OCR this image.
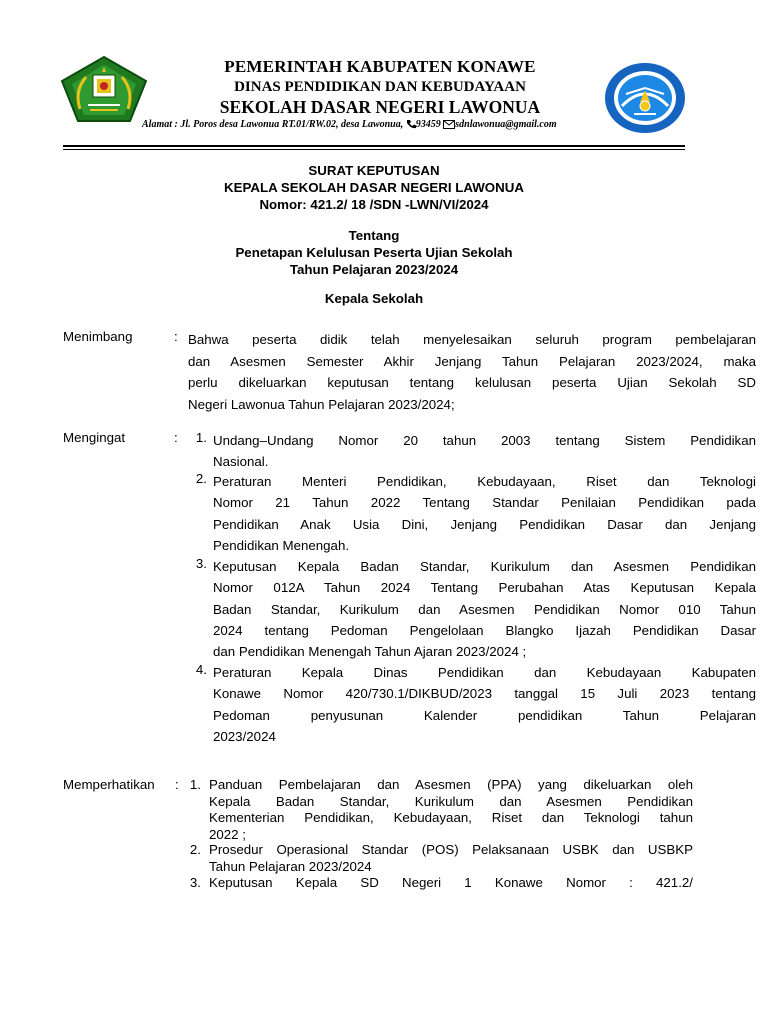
PEMERINTAH KABUPATEN KONAWE
DINAS PENDIDIKAN DAN KEBUDAYAAN
SEKOLAH DASAR NEGERI LAWONUA
Alamat : Jl. Poros desa Lawonua RT.01/RW.02, desa Lawonua, 93459 sdnlawonua@gmail.com
SURAT KEPUTUSAN
KEPALA SEKOLAH DASAR NEGERI LAWONUA
Nomor: 421.2/ 18 /SDN -LWN/VI/2024
Tentang
Penetapan Kelulusan Peserta Ujian Sekolah
Tahun Pelajaran 2023/2024
Kepala Sekolah
Menimbang	: Bahwa peserta didik telah menyelesaikan seluruh program pembelajaran
dan Asesmen Semester Akhir Jenjang Tahun Pelajaran 2023/2024, maka
perlu dikeluarkan keputusan tentang kelulusan peserta Ujian Sekolah SD
Negeri Lawonua Tahun Pelajaran 2023/2024;
Mengingat	:	1. Undang–Undang Nomor 20 tahun 2003 tentang Sistem Pendidikan
Nasional.
2. Peraturan Menteri Pendidikan, Kebudayaan, Riset dan Teknologi
Nomor 21 Tahun 2022 Tentang Standar Penilaian Pendidikan pada
Pendidikan Anak Usia Dini, Jenjang Pendidikan Dasar dan Jenjang
Pendidikan Menengah.
3. Keputusan Kepala Badan Standar, Kurikulum dan Asesmen Pendidikan
Nomor 012A Tahun 2024 Tentang Perubahan Atas Keputusan Kepala
Badan Standar, Kurikulum dan Asesmen Pendidikan Nomor 010 Tahun
2024 tentang Pedoman Pengelolaan Blangko Ijazah Pendidikan Dasar
dan Pendidikan Menengah Tahun Ajaran 2023/2024 ;
4. Peraturan Kepala Dinas Pendidikan dan Kebudayaan Kabupaten
Konawe Nomor 420/730.1/DIKBUD/2023 tanggal 15 Juli 2023 tentang
Pedoman penyusunan Kalender pendidikan Tahun Pelajaran
2023/2024
Memperhatikan : 1. Panduan Pembelajaran dan Asesmen (PPA) yang dikeluarkan oleh
Kepala Badan Standar, Kurikulum dan Asesmen Pendidikan
Kementerian Pendidikan, Kebudayaan, Riset dan Teknologi tahun
2022 ;
2. Prosedur Operasional Standar (POS) Pelaksanaan USBK dan USBKP
Tahun Pelajaran 2023/2024
3. Keputusan Kepala SD Negeri 1 Konawe Nomor : 421.2/
